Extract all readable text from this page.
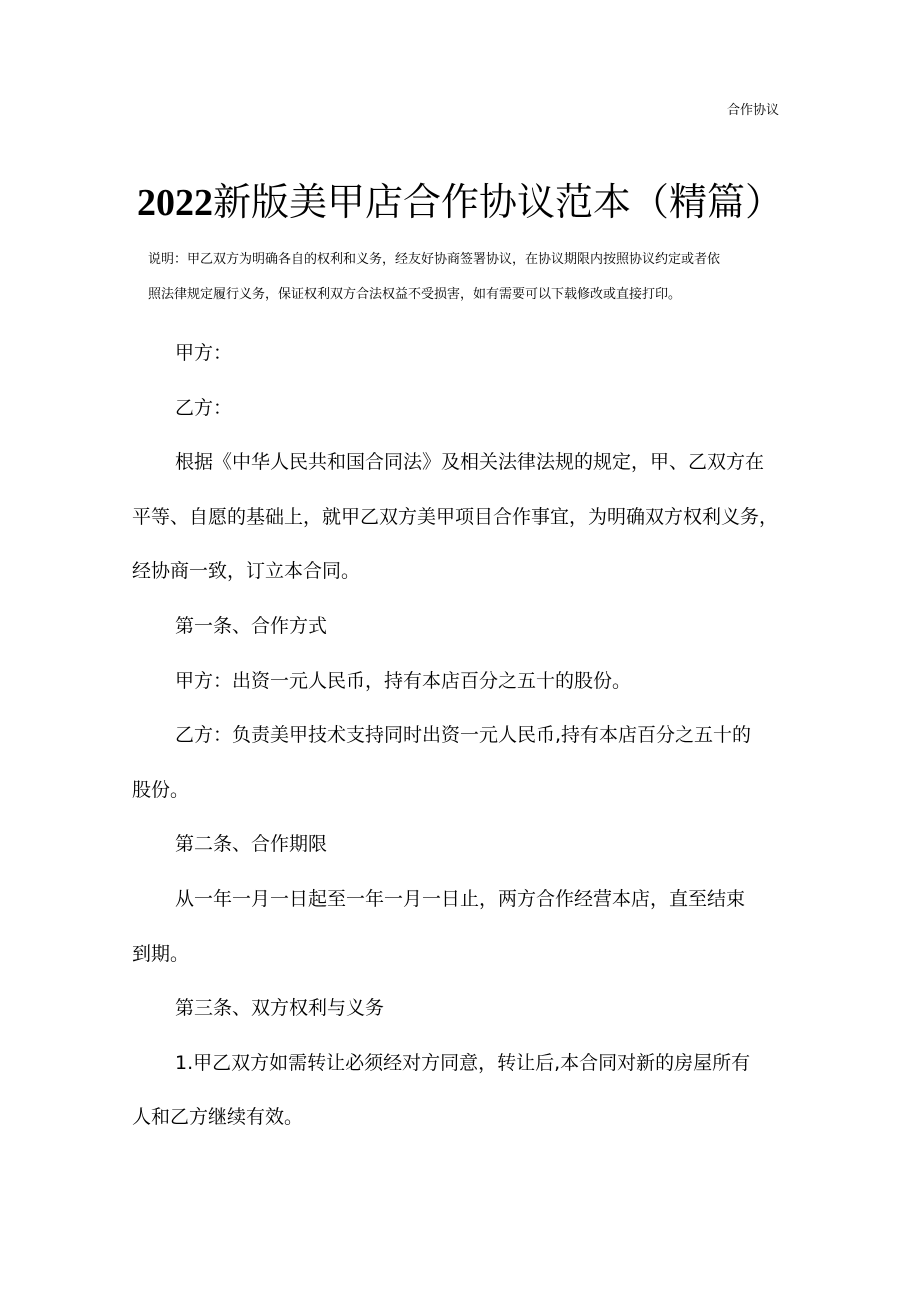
合作协议
2022新版美甲店合作协议范本（精篇）
说明：甲乙双方为明确各自的权利和义务，经友好协商签署协议，在协议期限内按照协议约定或者依
照法律规定履行义务，保证权利双方合法权益不受损害，如有需要可以下载修改或直接打印。
甲方：
乙方：
根据《中华人民共和国合同法》及相关法律法规的规定，甲、乙双方在
平等、自愿的基础上，就甲乙双方美甲项目合作事宜，为明确双方权利义务，
经协商一致，订立本合同。
第一条、合作方式
甲方：出资一元人民币，持有本店百分之五十的股份。
乙方：负责美甲技术支持同时出资一元人民币,持有本店百分之五十的
股份。
第二条、合作期限
从一年一月一日起至一年一月一日止，两方合作经营本店，直至结束
到期。
第三条、双方权利与义务
1.甲乙双方如需转让必须经对方同意，转让后,本合同对新的房屋所有
人和乙方继续有效。
